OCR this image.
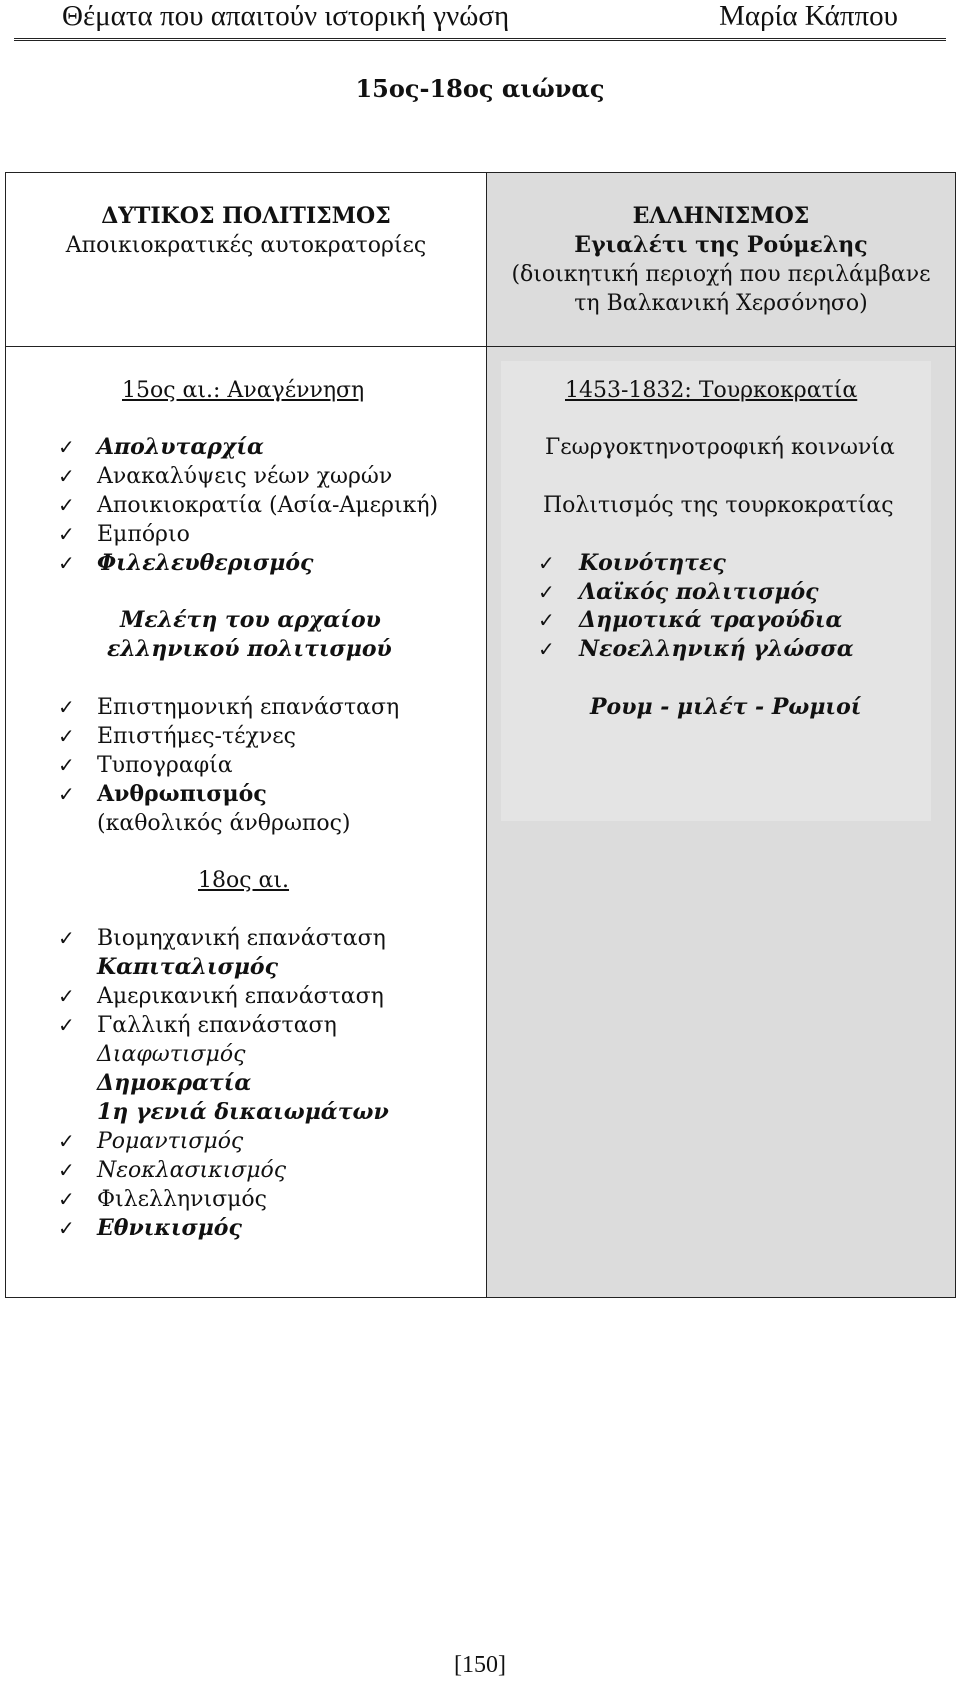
Θέματα που απαιτούν ιστορική γνώση	Μαρία Κάππου
15ος-18ος αιώνας
ΔΥΤΙΚΟΣ ΠΟΛΙΤΙΣΜΟΣ
Αποικιοκρατικές αυτοκρατορίες
ΕΛΛΗΝΙΣΜΟΣ
Εγιαλέτι της Ρούμελης
(διοικητική περιοχή που περιλάμβανε
τη Βαλκανική Χερσόνησο)
15ος αι.: Αναγέννηση
✓ Απολυταρχία
✓ Ανακαλύψεις νέων χωρών
✓ Αποικιοκρατία (Ασία-Αμερική)
✓ Εμπόριο
✓ Φιλελευθερισμός
Μελέτη του αρχαίου
ελληνικού πολιτισμού
✓ Επιστημονική επανάσταση
✓ Επιστήμες-τέχνες
✓ Τυπογραφία
✓ Ανθρωπισμός
(καθολικός άνθρωπος)
18ος αι.
✓ Βιομηχανική επανάσταση
Καπιταλισμός
✓ Αμερικανική επανάσταση
✓ Γαλλική επανάσταση
Διαφωτισμός
Δημοκρατία
1η γενιά δικαιωμάτων
✓ Ρομαντισμός
✓ Νεοκλασικισμός
✓ Φιλελληνισμός
✓ Εθνικισμός
1453-1832: Τουρκοκρατία
Γεωργοκτηνοτροφική κοινωνία
Πολιτισμός της τουρκοκρατίας
✓ Κοινότητες
✓ Λαϊκός πολιτισμός
✓ Δημοτικά τραγούδια
✓ Νεοελληνική γλώσσα
Ρουμ - μιλέτ - Ρωμιοί
[150]
